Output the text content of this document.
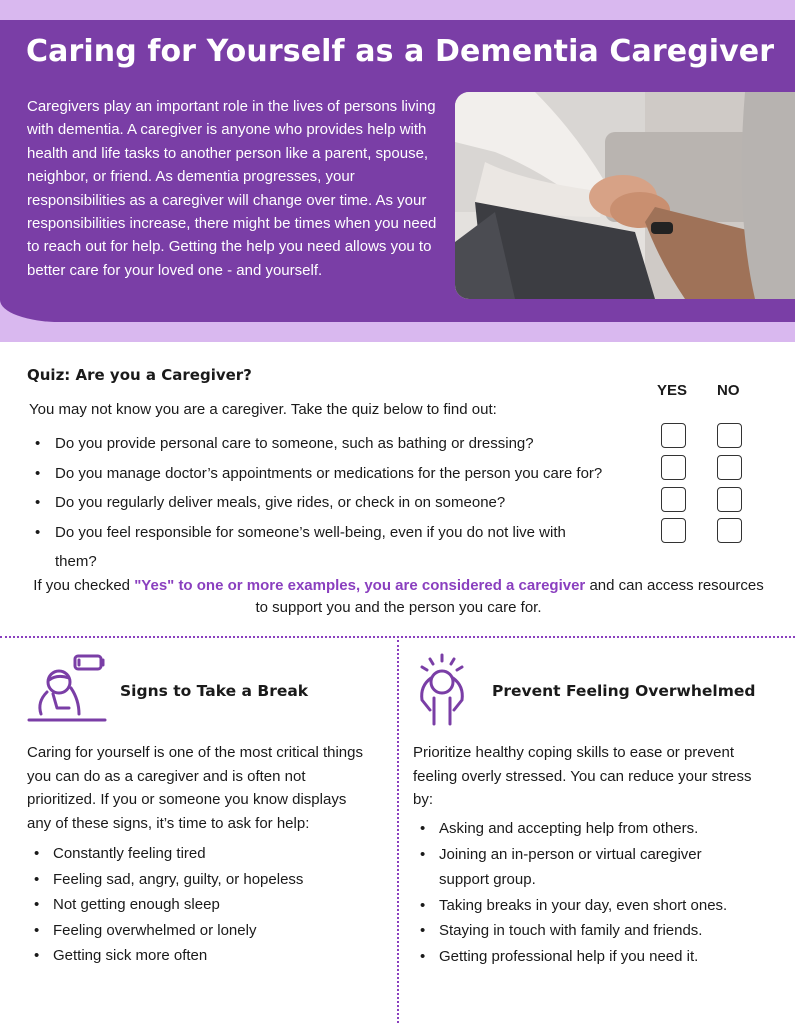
Caring for Yourself as a Dementia Caregiver

Caregivers play an important role in the lives of persons living with dementia. A caregiver is anyone who provides help with health and life tasks to another person like a parent, spouse, neighbor, or friend. As dementia progresses, your responsibilities as a caregiver will change over time. As your responsibilities increase, there might be times when you need to reach out for help. Getting the help you need allows you to better care for your loved one - and yourself.

Quiz: Are you a Caregiver?
YES NO

You may not know you are a caregiver. Take the quiz below to find out:

• Do you provide personal care to someone, such as bathing or dressing?
• Do you manage doctor’s appointments or medications for the person you care for?
• Do you regularly deliver meals, give rides, or check in on someone?
• Do you feel responsible for someone’s well-being, even if you do not live with them?

If you checked "Yes" to one or more examples, you are considered a caregiver and can access resources to support you and the person you care for.

Signs to Take a Break

Caring for yourself is one of the most critical things you can do as a caregiver and is often not prioritized. If you or someone you know displays any of these signs, it’s time to ask for help:

• Constantly feeling tired
• Feeling sad, angry, guilty, or hopeless
• Not getting enough sleep
• Feeling overwhelmed or lonely
• Getting sick more often
Prevent Feeling Overwhelmed

Prioritize healthy coping skills to ease or prevent feeling overly stressed. You can reduce your stress by:

• Asking and accepting help from others.
• Joining an in-person or virtual caregiver support group.
• Taking breaks in your day, even short ones.
• Staying in touch with family and friends.
• Getting professional help if you need it.
